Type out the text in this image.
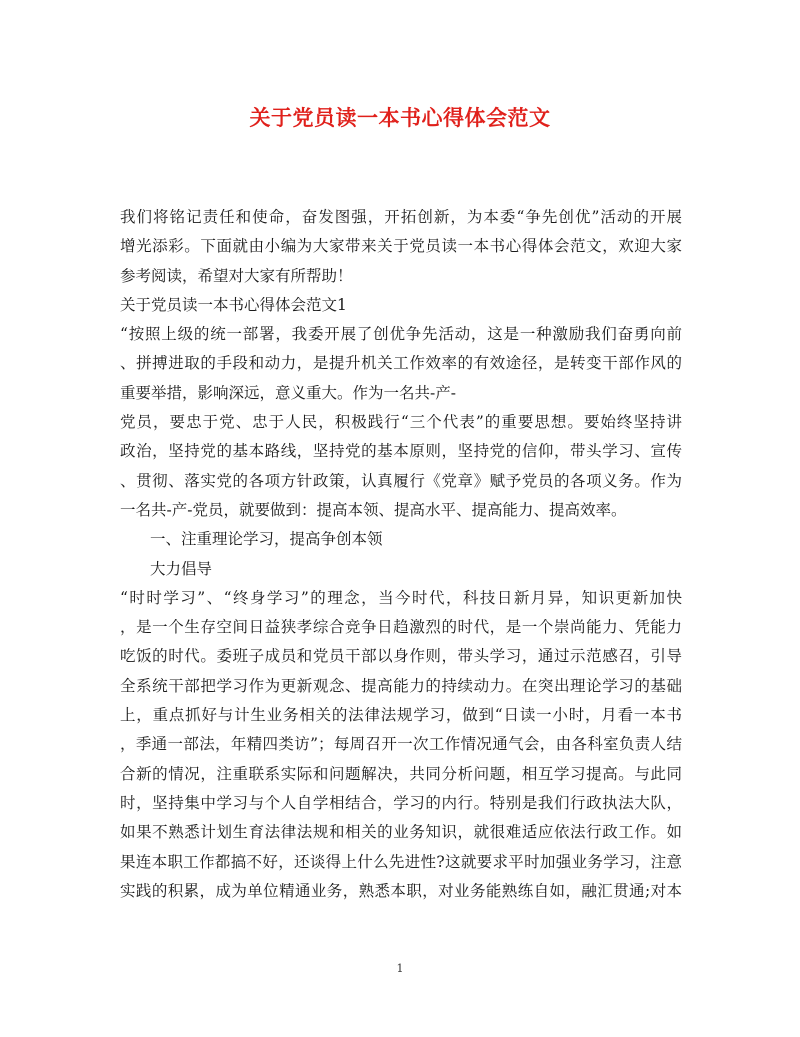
关于党员读一本书心得体会范文
我们将铭记责任和使命，奋发图强，开拓创新，为本委“争先创优”活动的开展
增光添彩。下面就由小编为大家带来关于党员读一本书心得体会范文，欢迎大家
参考阅读，希望对大家有所帮助！
关于党员读一本书心得体会范文1
“按照上级的统一部署，我委开展了创优争先活动，这是一种激励我们奋勇向前
、拼搏进取的手段和动力，是提升机关工作效率的有效途径，是转变干部作风的
重要举措，影响深远，意义重大。作为一名共-产-
党员，要忠于党、忠于人民，积极践行“三个代表”的重要思想。要始终坚持讲
政治，坚持党的基本路线，坚持党的基本原则，坚持党的信仰，带头学习、宣传
、贯彻、落实党的各项方针政策，认真履行《党章》赋予党员的各项义务。作为
一名共-产-党员，就要做到：提高本领、提高水平、提高能力、提高效率。
一、注重理论学习，提高争创本领
大力倡导
“时时学习”、“终身学习”的理念，当今时代，科技日新月异，知识更新加快
，是一个生存空间日益狭孝综合竞争日趋激烈的时代，是一个崇尚能力、凭能力
吃饭的时代。委班子成员和党员干部以身作则，带头学习，通过示范感召，引导
全系统干部把学习作为更新观念、提高能力的持续动力。在突出理论学习的基础
上，重点抓好与计生业务相关的法律法规学习，做到“日读一小时，月看一本书
，季通一部法，年精四类访”；每周召开一次工作情况通气会，由各科室负责人结
合新的情况，注重联系实际和问题解决，共同分析问题，相互学习提高。与此同
时，坚持集中学习与个人自学相结合，学习的内行。特别是我们行政执法大队，
如果不熟悉计划生育法律法规和相关的业务知识，就很难适应依法行政工作。如
果连本职工作都搞不好，还谈得上什么先进性?这就要求平时加强业务学习，注意
实践的积累，成为单位精通业务，熟悉本职，对业务能熟练自如，融汇贯通;对本
1
